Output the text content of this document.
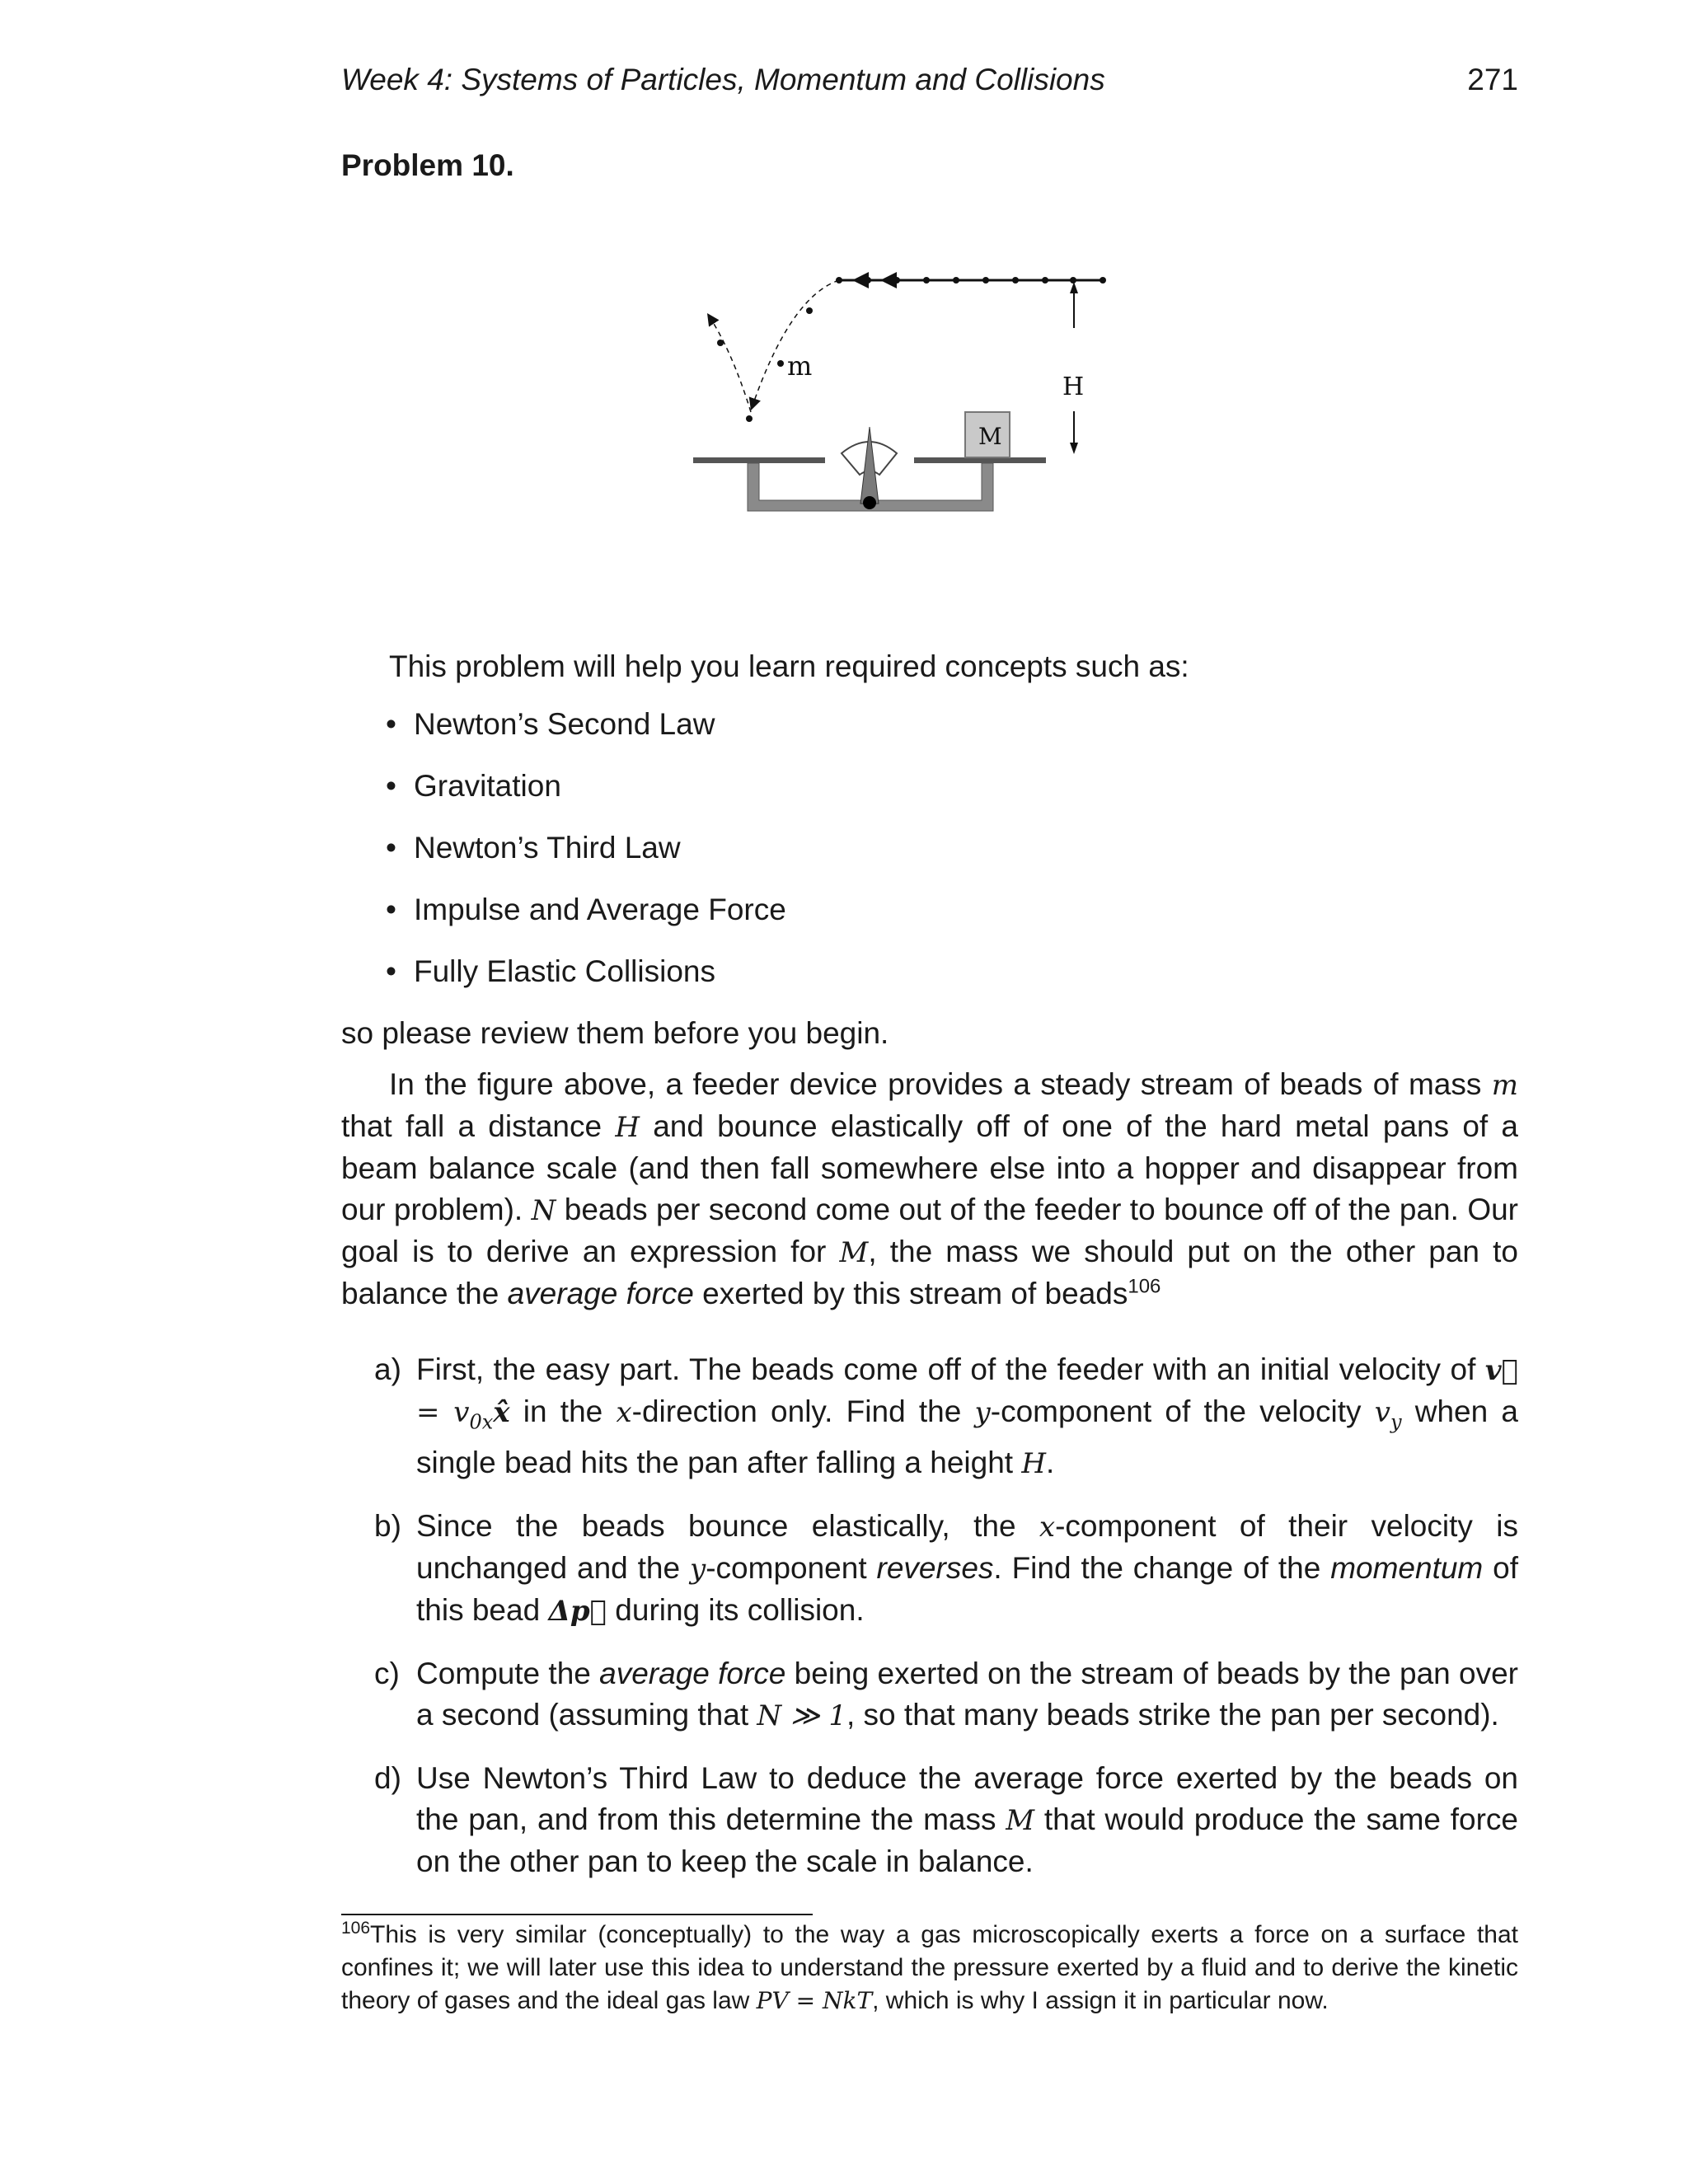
Week 4: Systems of Particles, Momentum and Collisions	271
Problem 10.
m
H
M

This problem will help you learn required concepts such as:

• Newton’s Second Law
• Gravitation
• Newton’s Third Law
• Impulse and Average Force
• Fully Elastic Collisions

so please review them before you begin.

In the figure above, a feeder device provides a steady stream of beads of mass m that fall a distance H and bounce elastically off of one of the hard metal pans of a beam balance scale (and then fall somewhere else into a hopper and disappear from our problem). N beads per second come out of the feeder to bounce off of the pan. Our goal is to derive an expression for M, the mass we should put on the other pan to balance the average force exerted by this stream of beads$^{106}$

a) First, the easy part. The beads come off of the feeder with an initial velocity of v⃗ = $v_{0x}x̂$ in the x-direction only. Find the y-component of the velocity $v_y$ when a single bead hits the pan after falling a height H.
b) Since the beads bounce elastically, the x-component of their velocity is unchanged and the y-component reverses. Find the change of the momentum of this bead Δp⃗ during its collision.
c) Compute the average force being exerted on the stream of beads by the pan over a second (assuming that N ≫ 1, so that many beads strike the pan per second).
d) Use Newton’s Third Law to deduce the average force exerted by the beads on the pan, and from this determine the mass M that would produce the same force on the other pan to keep the scale in balance.
$^{106}$This is very similar (conceptually) to the way a gas microscopically exerts a force on a surface that confines it; we will later use this idea to understand the pressure exerted by a fluid and to derive the kinetic theory of gases and the ideal gas law PV = NkT, which is why I assign it in particular now.
